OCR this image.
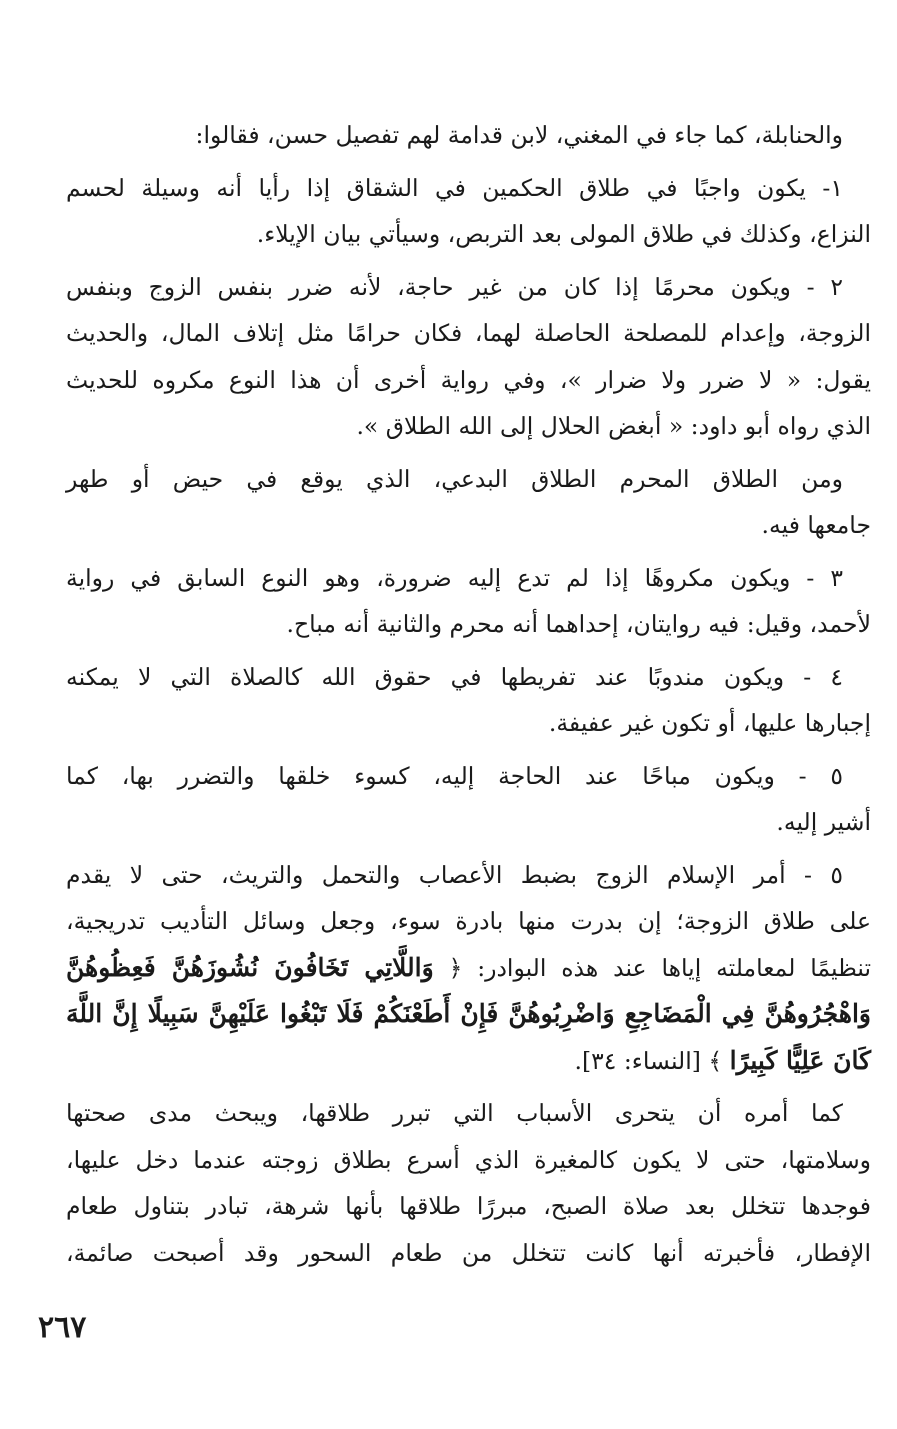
والحنابلة، كما جاء في المغني، لابن قدامة لهم تفصيل حسن، فقالوا:

١- يكون واجبًا في طلاق الحكمين في الشقاق إذا رأيا أنه وسيلة لحسم
النزاع، وكذلك في طلاق المولى بعد التربص، وسيأتي بيان الإيلاء.

٢ - ويكون محرمًا إذا كان من غير حاجة، لأنه ضرر بنفس الزوج وبنفس
الزوجة، وإعدام للمصلحة الحاصلة لهما، فكان حرامًا مثل إتلاف المال، والحديث
يقول: « لا ضرر ولا ضرار »، وفي رواية أخرى أن هذا النوع مكروه للحديث
الذي رواه أبو داود: « أبغض الحلال إلى الله الطلاق ».

ومن الطلاق المحرم الطلاق البدعي، الذي يوقع في حيض أو طهر
جامعها فيه.

٣ - ويكون مكروهًا إذا لم تدع إليه ضرورة، وهو النوع السابق في رواية
لأحمد، وقيل: فيه روايتان، إحداهما أنه محرم والثانية أنه مباح.

٤ - ويكون مندوبًا عند تفريطها في حقوق الله كالصلاة التي لا يمكنه
إجبارها عليها، أو تكون غير عفيفة.

٥ - ويكون مباحًا عند الحاجة إليه، كسوء خلقها والتضرر بها، كما
أشير إليه.

٥ - أمر الإسلام الزوج بضبط الأعصاب والتحمل والتريث، حتى لا يقدم
على طلاق الزوجة؛ إن بدرت منها بادرة سوء، وجعل وسائل التأديب تدريجية،
تنظيمًا لمعاملته إياها عند هذه البوادر: ﴿ وَاللَّاتِي تَخَافُونَ نُشُوزَهُنَّ فَعِظُوهُنَّ
وَاهْجُرُوهُنَّ فِي الْمَضَاجِعِ وَاضْرِبُوهُنَّ فَإِنْ أَطَعْنَكُمْ فَلَا تَبْغُوا عَلَيْهِنَّ سَبِيلًا إِنَّ اللَّهَ
كَانَ عَلِيًّا كَبِيرًا ﴾ [النساء: ٣٤].

كما أمره أن يتحرى الأسباب التي تبرر طلاقها، ويبحث مدى صحتها
وسلامتها، حتى لا يكون كالمغيرة الذي أسرع بطلاق زوجته عندما دخل عليها،
فوجدها تتخلل بعد صلاة الصبح، مبررًا طلاقها بأنها شرهة، تبادر بتناول طعام
الإفطار، فأخبرته أنها كانت تتخلل من طعام السحور وقد أصبحت صائمة،

٢٦٧
